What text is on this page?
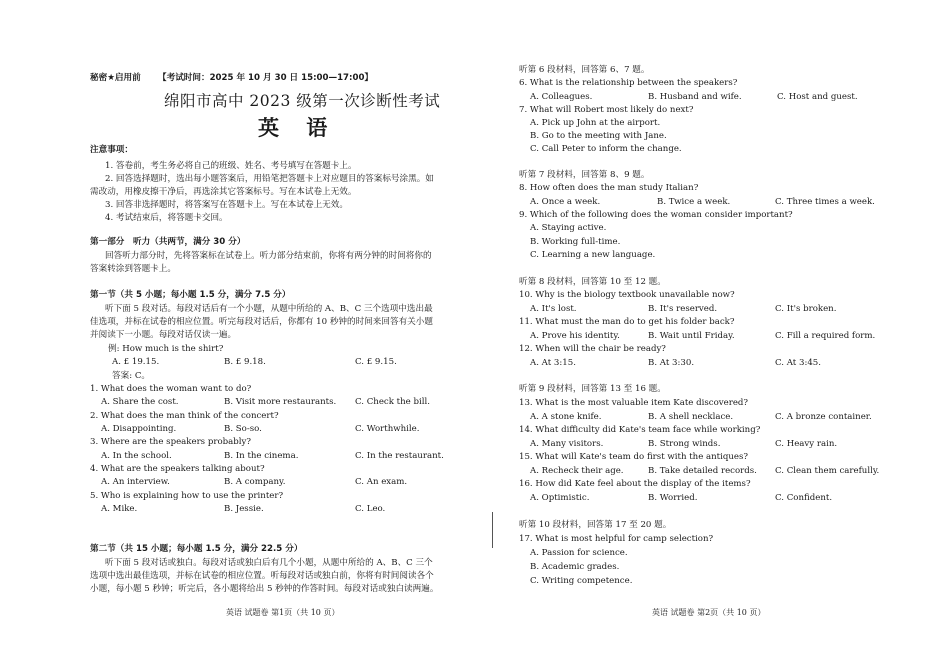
秘密★启用前 【考试时间：2025 年 10 月 30 日 15:00—17:00】
绵阳市高中 2023 级第一次诊断性考试
英 语
注意事项：
1. 答卷前，考生务必将自己的班级、姓名、考号填写在答题卡上。
2. 回答选择题时，选出每小题答案后，用铅笔把答题卡上对应题目的答案标号涂黑。如
需改动，用橡皮擦干净后，再选涂其它答案标号。写在本试卷上无效。
3. 回答非选择题时，将答案写在答题卡上。写在本试卷上无效。
4. 考试结束后，将答题卡交回。
第一部分　听力（共两节，满分 30 分）
回答听力部分时，先将答案标在试卷上。听力部分结束前，你将有两分钟的时间将你的
答案转涂到答题卡上。
第一节（共 5 小题；每小题 1.5 分，满分 7.5 分）
听下面 5 段对话。每段对话后有一个小题，从题中所给的 A、B、C 三个选项中选出最
佳选项，并标在试卷的相应位置。听完每段对话后，你都有 10 秒钟的时间来回答有关小题
并阅读下一小题。每段对话仅读一遍。
例: How much is the shirt?
A. £ 19.15.	B. £ 9.18.	C. £ 9.15.
答案: C。
1. What does the woman want to do?
A. Share the cost.	B. Visit more restaurants. C. Check the bill.
2. What does the man think of the concert?
A. Disappointing.	B. So-so.	C. Worthwhile.
3. Where are the speakers probably?
A. In the school.	B. In the cinema.	C. In the restaurant.
4. What are the speakers talking about?
A. An interview.	B. A company.	C. An exam.
5. Who is explaining how to use the printer?
A. Mike.	B. Jessie.	C. Leo.
第二节（共 15 小题；每小题 1.5 分，满分 22.5 分）
听下面 5 段对话或独白。每段对话或独白后有几个小题，从题中所给的 A、B、C 三个
选项中选出最佳选项，并标在试卷的相应位置。听每段对话或独白前，你将有时间阅读各个
小题，每小题 5 秒钟；听完后，各小题将给出 5 秒钟的作答时间。每段对话或独白读两遍。
英语 试题卷 第1页（共 10 页）
听第 6 段材料，回答第 6、7 题。
6. What is the relationship between the speakers?
A. Colleagues.	B. Husband and wife.	C. Host and guest.
7. What will Robert most likely do next?
A. Pick up John at the airport.
B. Go to the meeting with Jane.
C. Call Peter to inform the change.
听第 7 段材料，回答第 8、9 题。
8. How often does the man study Italian?
A. Once a week.	B. Twice a week.	C. Three times a week.
9. Which of the following does the woman consider important?
A. Staying active.
B. Working full-time.
C. Learning a new language.
听第 8 段材料，回答第 10 至 12 题。
10. Why is the biology textbook unavailable now?
A. It's lost.	B. It's reserved.	C. It's broken.
11. What must the man do to get his folder back?
A. Prove his identity.	B. Wait until Friday.	C. Fill a required form.
12. When will the chair be ready?
A. At 3:15.	B. At 3:30.	C. At 3:45.
听第 9 段材料，回答第 13 至 16 题。
13. What is the most valuable item Kate discovered?
A. A stone knife.	B. A shell necklace.	C. A bronze container.
14. What difficulty did Kate's team face while working?
A. Many visitors.	B. Strong winds.	C. Heavy rain.
15. What will Kate's team do first with the antiques?
A. Recheck their age.	B. Take detailed records. C. Clean them carefully.
16. How did Kate feel about the display of the items?
A. Optimistic.	B. Worried.	C. Confident.
听第 10 段材料，回答第 17 至 20 题。
17. What is most helpful for camp selection?
A. Passion for science.
B. Academic grades.
C. Writing competence.
英语 试题卷 第2页（共 10 页）
